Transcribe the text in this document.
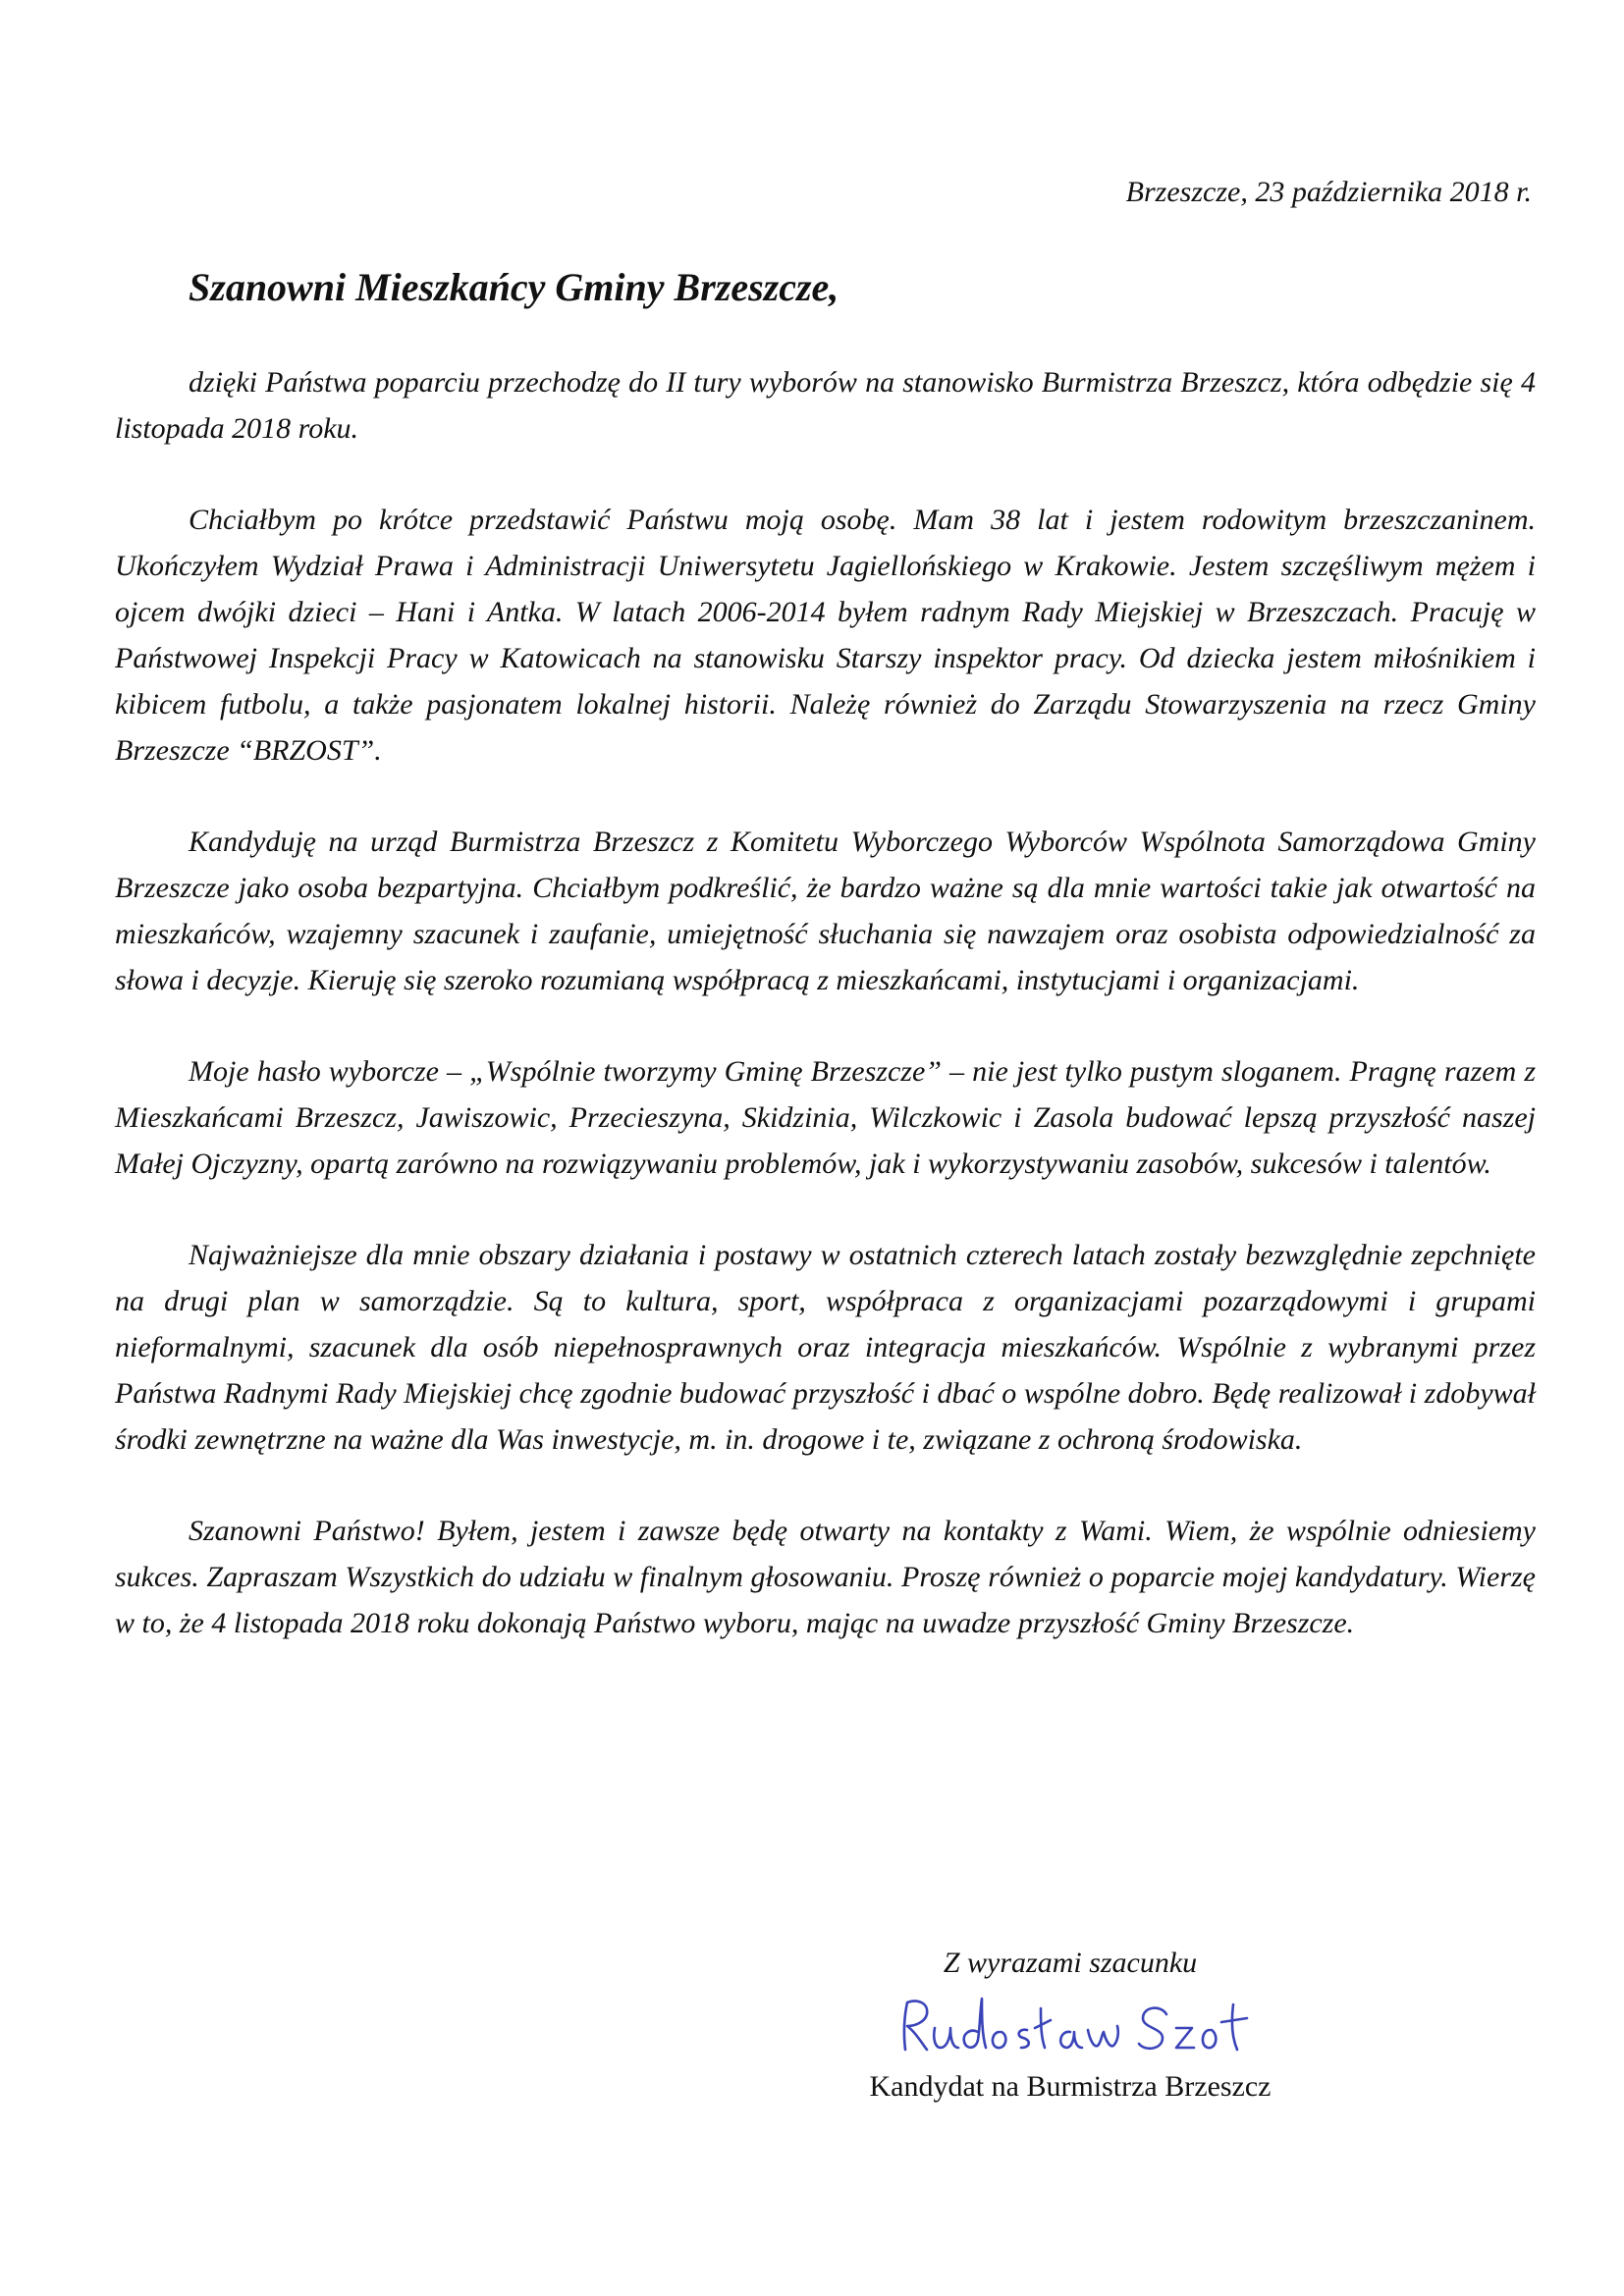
Brzeszcze, 23 października 2018 r.
Szanowni Mieszkańcy Gminy Brzeszcze,

dzięki Państwa poparciu przechodzę do II tury wyborów na stanowisko Burmistrza Brzeszcz, która odbędzie się 4 listopada 2018 roku.

Chciałbym po krótce przedstawić Państwu moją osobę. Mam 38 lat i jestem rodowitym brzeszczaninem. Ukończyłem Wydział Prawa i Administracji Uniwersytetu Jagiellońskiego w Krakowie. Jestem szczęśliwym mężem i ojcem dwójki dzieci – Hani i Antka. W latach 2006-2014 byłem radnym Rady Miejskiej w Brzeszczach. Pracuję w Państwowej Inspekcji Pracy w Katowicach na stanowisku Starszy inspektor pracy. Od dziecka jestem miłośnikiem i kibicem futbolu, a także pasjonatem lokalnej historii. Należę również do Zarządu Stowarzyszenia na rzecz Gminy Brzeszcze “BRZOST”.

Kandyduję na urząd Burmistrza Brzeszcz z Komitetu Wyborczego Wyborców Wspólnota Samorządowa Gminy Brzeszcze jako osoba bezpartyjna. Chciałbym podkreślić, że bardzo ważne są dla mnie wartości takie jak otwartość na mieszkańców, wzajemny szacunek i zaufanie, umiejętność słuchania się nawzajem oraz osobista odpowiedzialność za słowa i decyzje. Kieruję się szeroko rozumianą współpracą z mieszkańcami, instytucjami i organizacjami.

Moje hasło wyborcze – „Wspólnie tworzymy Gminę Brzeszcze” – nie jest tylko pustym sloganem. Pragnę razem z Mieszkańcami Brzeszcz, Jawiszowic, Przecieszyna, Skidzinia, Wilczkowic i Zasola budować lepszą przyszłość naszej Małej Ojczyzny, opartą zarówno na rozwiązywaniu problemów, jak i wykorzystywaniu zasobów, sukcesów i talentów.

Najważniejsze dla mnie obszary działania i postawy w ostatnich czterech latach zostały bezwzględnie zepchnięte na drugi plan w samorządzie. Są to kultura, sport, współpraca z organizacjami pozarządowymi i grupami nieformalnymi, szacunek dla osób niepełnosprawnych oraz integracja mieszkańców. Wspólnie z wybranymi przez Państwa Radnymi Rady Miejskiej chcę zgodnie budować przyszłość i dbać o wspólne dobro. Będę realizował i zdobywał środki zewnętrzne na ważne dla Was inwestycje, m. in. drogowe i te, związane z ochroną środowiska.

Szanowni Państwo! Byłem, jestem i zawsze będę otwarty na kontakty z Wami. Wiem, że wspólnie odniesiemy sukces. Zapraszam Wszystkich do udziału w finalnym głosowaniu. Proszę również o poparcie mojej kandydatury. Wierzę w to, że 4 listopada 2018 roku dokonają Państwo wyboru, mając na uwadze przyszłość Gminy Brzeszcze.

Z wyrazami szacunku
Kandydat na Burmistrza Brzeszcz
